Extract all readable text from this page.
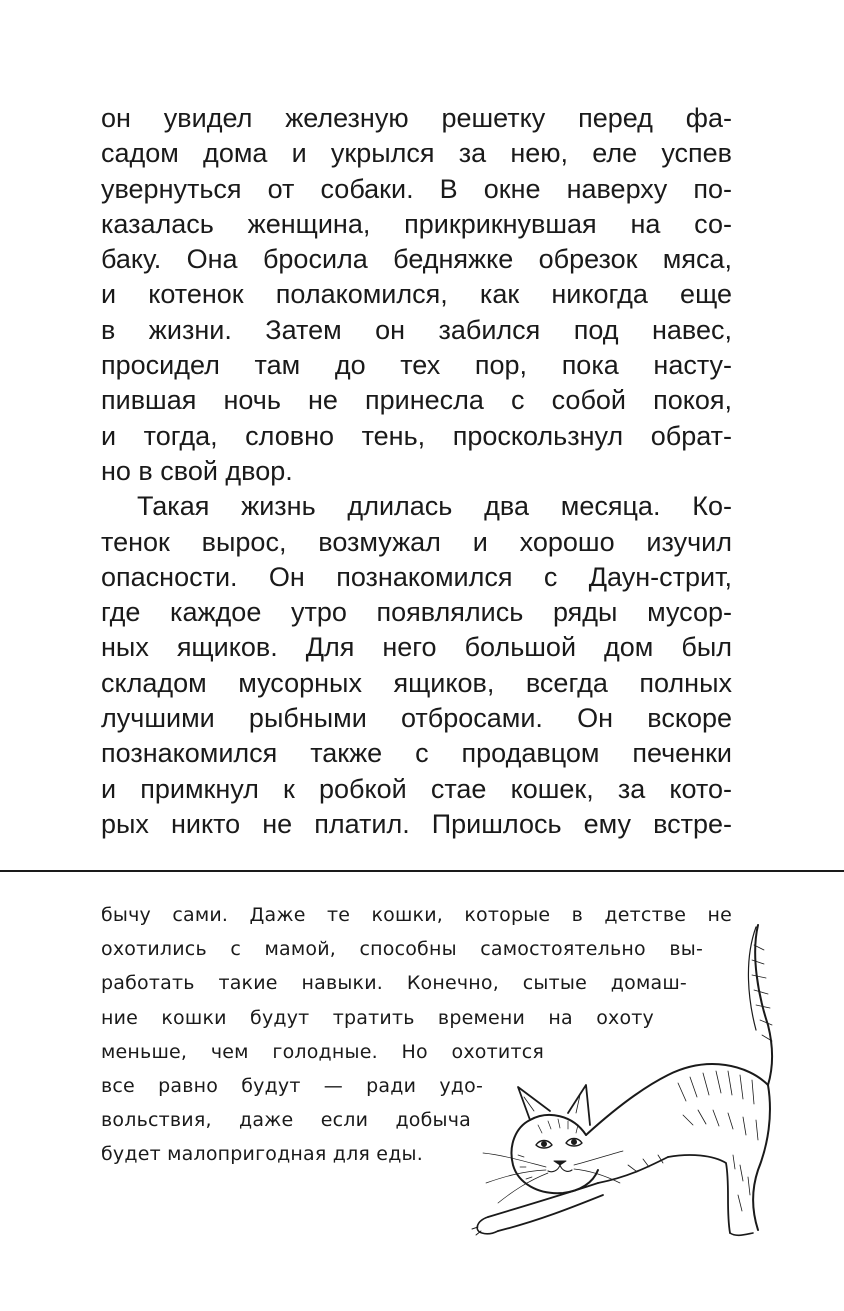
он увидел железную решетку перед фа-
садом дома и укрылся за нею, еле успев
увернуться от собаки. В окне наверху по-
казалась женщина, прикрикнувшая на со-
баку. Она бросила бедняжке обрезок мяса,
и котенок полакомился, как никогда еще
в жизни. Затем он забился под навес,
просидел там до тех пор, пока насту-
пившая ночь не принесла с собой покоя,
и тогда, словно тень, проскользнул обрат-
но в свой двор.
Такая жизнь длилась два месяца. Ко-
тенок вырос, возмужал и хорошо изучил
опасности. Он познакомился с Даун-стрит,
где каждое утро появлялись ряды мусор-
ных ящиков. Для него большой дом был
складом мусорных ящиков, всегда полных
лучшими рыбными отбросами. Он вскоре
познакомился также с продавцом печенки
и примкнул к робкой стае кошек, за кото-
рых никто не платил. Пришлось ему встре-
бычу сами. Даже те кошки, которые в детстве не
охотились с мамой, способны самостоятельно вы-
работать такие навыки. Конечно, сытые домаш-
ние кошки будут тратить времени на охоту
меньше, чем голодные. Но охотится
все равно будут — ради удо-
вольствия, даже если добыча
будет малопригодная для еды.
